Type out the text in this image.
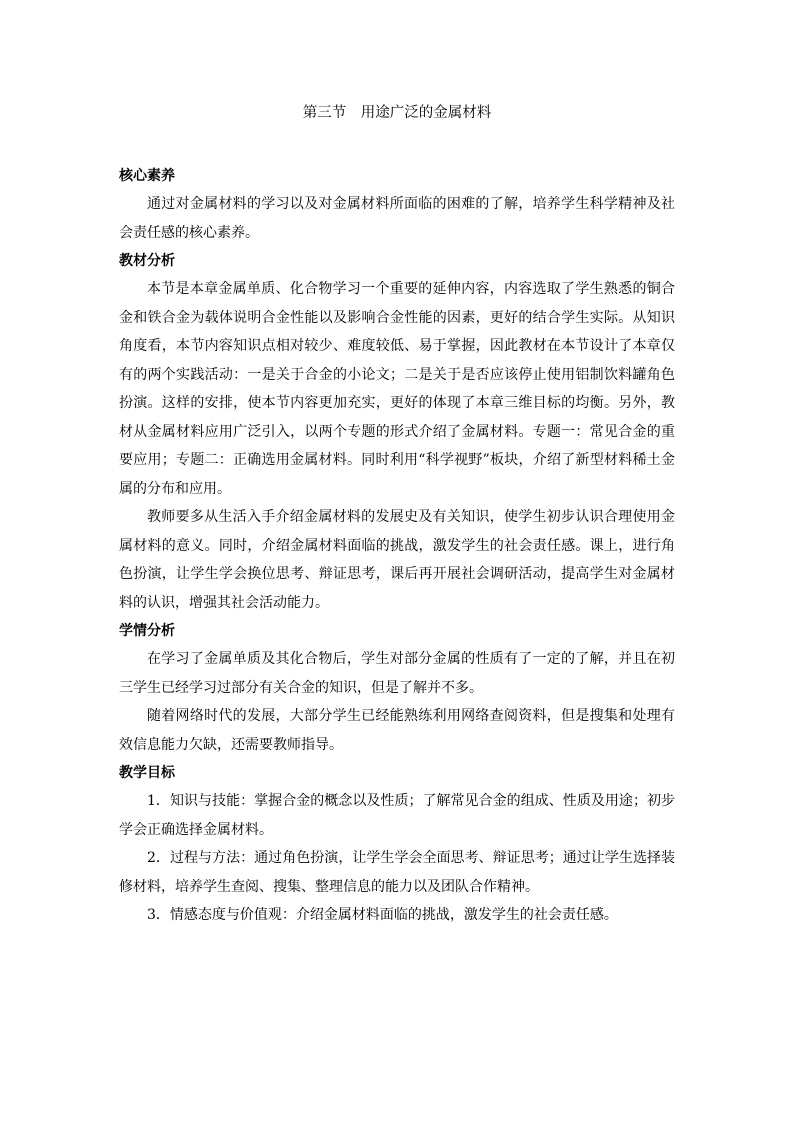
第三节　用途广泛的金属材料
核心素养

通过对金属材料的学习以及对金属材料所面临的困难的了解，培养学生科学精神及社会责任感的核心素养。

教材分析

本节是本章金属单质、化合物学习一个重要的延伸内容，内容选取了学生熟悉的铜合金和铁合金为载体说明合金性能以及影响合金性能的因素，更好的结合学生实际。从知识角度看，本节内容知识点相对较少、难度较低、易于掌握，因此教材在本节设计了本章仅有的两个实践活动：一是关于合金的小论文；二是关于是否应该停止使用铝制饮料罐角色扮演。这样的安排，使本节内容更加充实，更好的体现了本章三维目标的均衡。另外，教材从金属材料应用广泛引入，以两个专题的形式介绍了金属材料。专题一：常见合金的重要应用；专题二：正确选用金属材料。同时利用“科学视野”板块，介绍了新型材料稀土金属的分布和应用。

教师要多从生活入手介绍金属材料的发展史及有关知识，使学生初步认识合理使用金属材料的意义。同时，介绍金属材料面临的挑战，激发学生的社会责任感。课上，进行角色扮演，让学生学会换位思考、辩证思考，课后再开展社会调研活动，提高学生对金属材料的认识，增强其社会活动能力。

学情分析

在学习了金属单质及其化合物后，学生对部分金属的性质有了一定的了解，并且在初三学生已经学习过部分有关合金的知识，但是了解并不多。

随着网络时代的发展，大部分学生已经能熟练利用网络查阅资料，但是搜集和处理有效信息能力欠缺，还需要教师指导。

教学目标

1．知识与技能：掌握合金的概念以及性质；了解常见合金的组成、性质及用途；初步学会正确选择金属材料。

2．过程与方法：通过角色扮演，让学生学会全面思考、辩证思考；通过让学生选择装修材料，培养学生查阅、搜集、整理信息的能力以及团队合作精神。

3．情感态度与价值观：介绍金属材料面临的挑战，激发学生的社会责任感。
